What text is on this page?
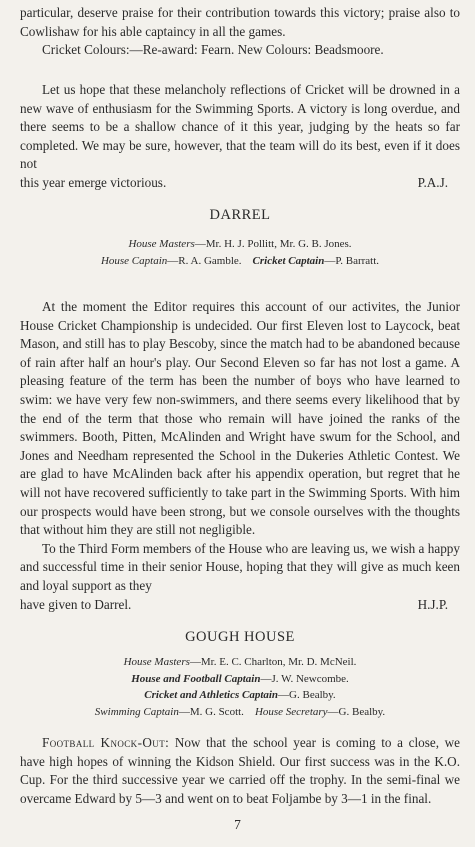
particular, deserve praise for their contribution towards this victory; praise also to Cowlishaw for his able captaincy in all the games.

Cricket Colours:—Re-award: Fearn. New Colours: Beadsmoore.

Let us hope that these melancholy reflections of Cricket will be drowned in a new wave of enthusiasm for the Swimming Sports. A victory is long overdue, and there seems to be a shallow chance of it this year, judging by the heats so far completed. We may be sure, however, that the team will do its best, even if it does not

this year emerge victorious.	P.A.J.
DARREL
House Masters—Mr. H. J. Pollitt, Mr. G. B. Jones.
House Captain—R. A. Gamble. Cricket Captain—P. Barratt.

At the moment the Editor requires this account of our activites, the Junior House Cricket Championship is undecided. Our first Eleven lost to Laycock, beat Mason, and still has to play Bescoby, since the match had to be abandoned because of rain after half an hour's play. Our Second Eleven so far has not lost a game. A pleasing feature of the term has been the number of boys who have learned to swim: we have very few non-swimmers, and there seems every likelihood that by the end of the term that those who remain will have joined the ranks of the swimmers. Booth, Pitten, McAlinden and Wright have swum for the School, and Jones and Needham represented the School in the Dukeries Athletic Contest. We are glad to have McAlinden back after his appendix operation, but regret that he will not have recovered sufficiently to take part in the Swimming Sports. With him our prospects would have been strong, but we console ourselves with the thoughts that without him they are still not negligible.

To the Third Form members of the House who are leaving us, we wish a happy and successful time in their senior House, hoping that they will give as much keen and loyal support as they

have given to Darrel.	H.J.P.
GOUGH HOUSE
House Masters—Mr. E. C. Charlton, Mr. D. McNeil.
House and Football Captain—J. W. Newcombe.
Cricket and Athletics Captain—G. Bealby.
Swimming Captain—M. G. Scott. House Secretary—G. Bealby.

Football Knock-Out: Now that the school year is coming to a close, we have high hopes of winning the Kidson Shield. Our first success was in the K.O. Cup. For the third successive year we carried off the trophy. In the semi-final we overcame Edward by 5—3 and went on to beat Foljambe by 3—1 in the final.

7
